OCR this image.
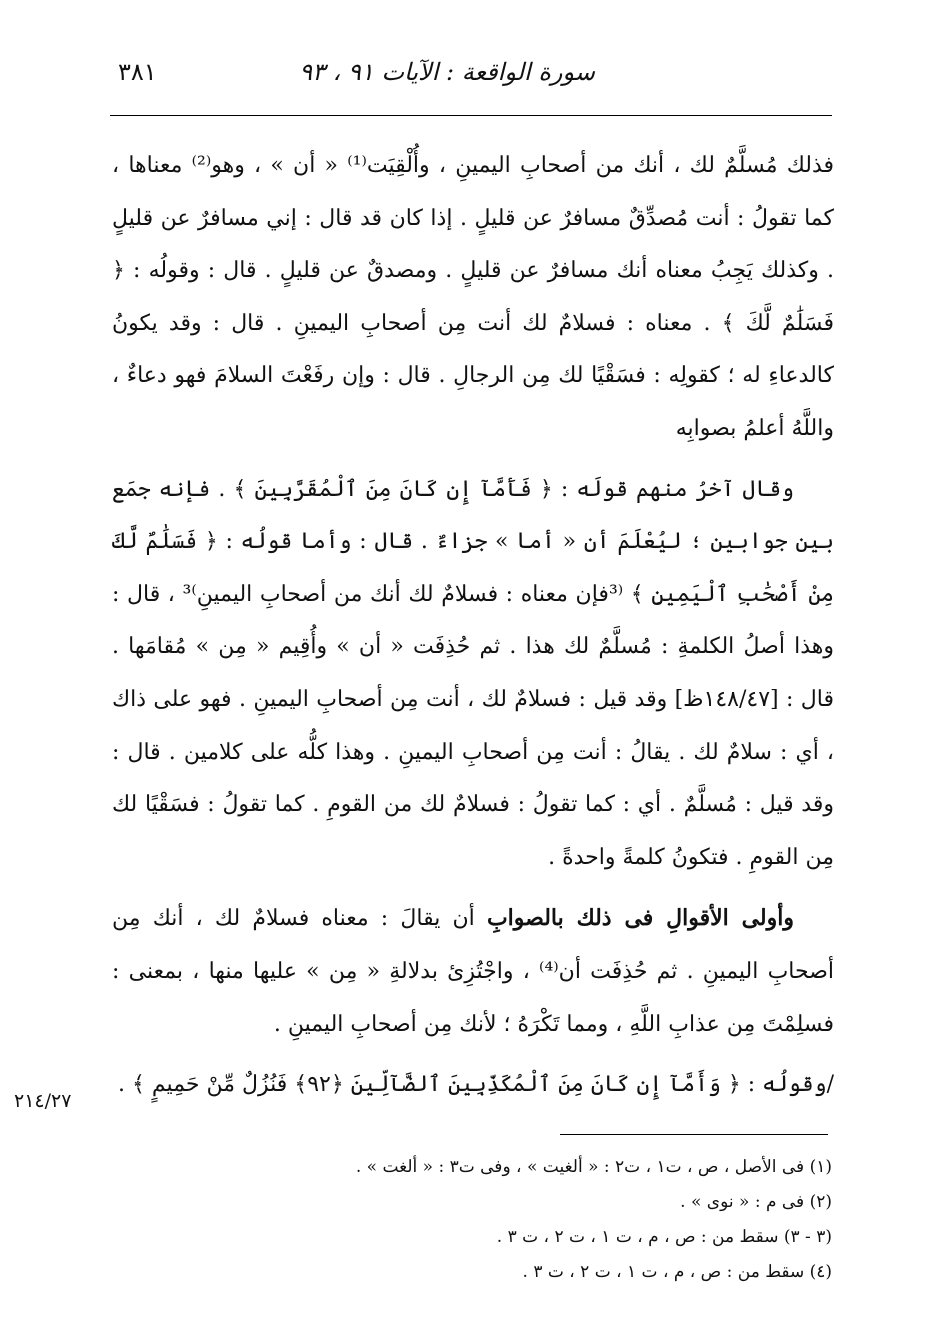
سورة الواقعة : الآيات ٩١ ، ٩٣
٣٨١

فذلك مُسلَّمٌ لك ، أنك من أصحابِ اليمينِ ، وأُلْقِيَت⁽¹⁾ « أن » ، وهو⁽²⁾ معناها ، كما تقولُ : أنت مُصدِّقٌ مسافرٌ عن قليلٍ . إذا كان قد قال : إني مسافرٌ عن قليلٍ . وكذلك يَجِبُ معناه أنك مسافرٌ عن قليلٍ . ومصدقٌ عن قليلٍ . قال : وقولُه : ﴿ فَسَلَٰمٌ لَّكَ ﴾ . معناه : فسلامٌ لك أنت مِن أصحابِ اليمينِ . قال : وقد يكونُ كالدعاءِ له ؛ كقولِه : فسَقْيًا لك مِن الرجالِ . قال : وإن رفَعْتَ السلامَ فهو دعاءٌ ، واللَّهُ أعلمُ بصوابِه

وقال آخرُ منهم قولَه : ﴿ فَأَمَّآ إِن كَانَ مِنَ ٱلْمُقَرَّبِينَ ﴾ . فإنه جمَع بين جوابين ؛ ليُعْلَمَ أن « أما » جزاءٌ . قال : وأما قولُه : ﴿ فَسَلَٰمٌ لَّكَ مِنْ أَصْحَٰبِ ٱلْيَمِينِ ﴾ ⁽³فإن معناه : فسلامٌ لك أنك من أصحابِ اليمينِ⁾³ ، قال : وهذا أصلُ الكلمةِ : مُسلَّمٌ لك هذا . ثم حُذِفَت « أن » وأُقِيم « مِن » مُقامَها . قال : [١٤٨/٤٧ظ] وقد قيل : فسلامٌ لك ، أنت مِن أصحابِ اليمينِ . فهو على ذاك ، أي : سلامٌ لك . يقالُ : أنت مِن أصحابِ اليمينِ . وهذا كلُّه على كلامين . قال : وقد قيل : مُسلَّمٌ . أي : كما تقولُ : فسلامٌ لك من القومِ . كما تقولُ : فسَقْيًا لك مِن القومِ . فتكونُ كلمةً واحدةً .

وأولى الأقوالِ فى ذلك بالصوابِ أن يقالَ : معناه فسلامٌ لك ، أنك مِن أصحابِ اليمينِ . ثم حُذِفَت أن⁽⁴⁾ ، واجْتُزِئ بدلالةِ « مِن » عليها منها ، بمعنى : فسلِمْتَ مِن عذابِ اللَّهِ ، ومما تَكْرَهُ ؛ لأنك مِن أصحابِ اليمينِ .

/وقولُه : ﴿ وَأَمَّآ إِن كَانَ مِنَ ٱلْمُكَذِّبِينَ ٱلضَّآلِّينَ ﴿٩٢﴾ فَنُزُلٌ مِّنْ حَمِيمٍ ﴾ .

٢١٤/٢٧
(١) فى الأصل ، ص ، ت١ ، ت٢ : « ألغيت » ، وفى ت٣ : « ألغت » .
(٢) فى م : « نوى » .
(٣ - ٣) سقط من : ص ، م ، ت ١ ، ت ٢ ، ت ٣ .
(٤) سقط من : ص ، م ، ت ١ ، ت ٢ ، ت ٣ .
